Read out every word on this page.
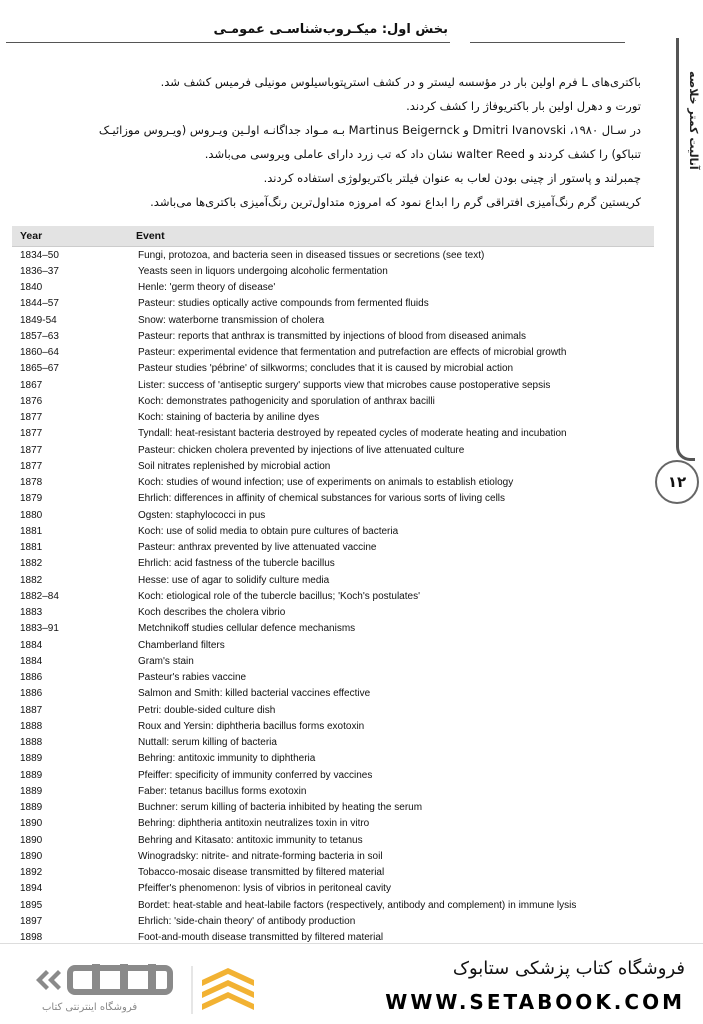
بخش اول: میکـروب‌شناسـی عمومـی
آنالیت کمتر خلاصه
۱۲

باکتری‌های L فرم اولین بار در مؤسسه لیستر و در کشف استرپتوباسیلوس مونیلی فرمیس کشف شد.

تورت و دهرل اولین بار باکتریوفاژ را کشف کردند.

در سـال ۱۹۸۰، Dmitri Ivanovski و Martinus Beigernck بـه مـواد جداگانـه اولـین ویـروس (ویـروس موزائیـک

تنباکو) را کشف کردند و walter Reed نشان داد که تب زرد دارای عاملی ویروسی می‌باشد.

چمبرلند و پاستور از چینی بودن لعاب به عنوان فیلتر باکتریولوژی استفاده کردند.

کریستین گرم رنگ‌آمیزی افتراقی گرم را ابداع نمود که امروزه متداول‌ترین رنگ‌آمیزی باکتری‌ها می‌باشد.

Year	Event
1834–50	Fungi, protozoa, and bacteria seen in diseased tissues or secretions (see text)
1836–37	Yeasts seen in liquors undergoing alcoholic fermentation
1840	Henle: 'germ theory of disease'
1844–57	Pasteur: studies optically active compounds from fermented fluids
1849-54	Snow: waterborne transmission of cholera
1857–63	Pasteur: reports that anthrax is transmitted by injections of blood from diseased animals
1860–64	Pasteur: experimental evidence that fermentation and putrefaction are effects of microbial growth
1865–67	Pasteur studies 'pébrine' of silkworms; concludes that it is caused by microbial action
1867	Lister: success of 'antiseptic surgery' supports view that microbes cause postoperative sepsis
1876	Koch: demonstrates pathogenicity and sporulation of anthrax bacilli
1877	Koch: staining of bacteria by aniline dyes
1877	Tyndall: heat-resistant bacteria destroyed by repeated cycles of moderate heating and incubation
1877	Pasteur: chicken cholera prevented by injections of live attenuated culture
1877	Soil nitrates replenished by microbial action
1878	Koch: studies of wound infection; use of experiments on animals to establish etiology
1879	Ehrlich: differences in affinity of chemical substances for various sorts of living cells
1880	Ogsten: staphylococci in pus
1881	Koch: use of solid media to obtain pure cultures of bacteria
1881	Pasteur: anthrax prevented by live attenuated vaccine
1882	Ehrlich: acid fastness of the tubercle bacillus
1882	Hesse: use of agar to solidify culture media
1882–84	Koch: etiological role of the tubercle bacillus; 'Koch's postulates'
1883	Koch describes the cholera vibrio
1883–91	Metchnikoff studies cellular defence mechanisms
1884	Chamberland filters
1884	Gram's stain
1886	Pasteur's rabies vaccine
1886	Salmon and Smith: killed bacterial vaccines effective
1887	Petri: double-sided culture dish
1888	Roux and Yersin: diphtheria bacillus forms exotoxin
1888	Nuttall: serum killing of bacteria
1889	Behring: antitoxic immunity to diphtheria
1889	Pfeiffer: specificity of immunity conferred by vaccines
1889	Faber: tetanus bacillus forms exotoxin
1889	Buchner: serum killing of bacteria inhibited by heating the serum
1890	Behring: diphtheria antitoxin neutralizes toxin in vitro
1890	Behring and Kitasato: antitoxic immunity to tetanus
1890	Winogradsky: nitrite- and nitrate-forming bacteria in soil
1892	Tobacco-mosaic disease transmitted by filtered material
1894	Pfeiffer's phenomenon: lysis of vibrios in peritoneal cavity
1895	Bordet: heat-stable and heat-labile factors (respectively, antibody and complement) in immune lysis
1897	Ehrlich: 'side-chain theory' of antibody production
1898	Foot-and-mouth disease transmitted by filtered material
فروشگاه اینترنتی کتاب
فروشگاه کتاب پزشکی ستابوک
WWW.SETABOOK.COM
